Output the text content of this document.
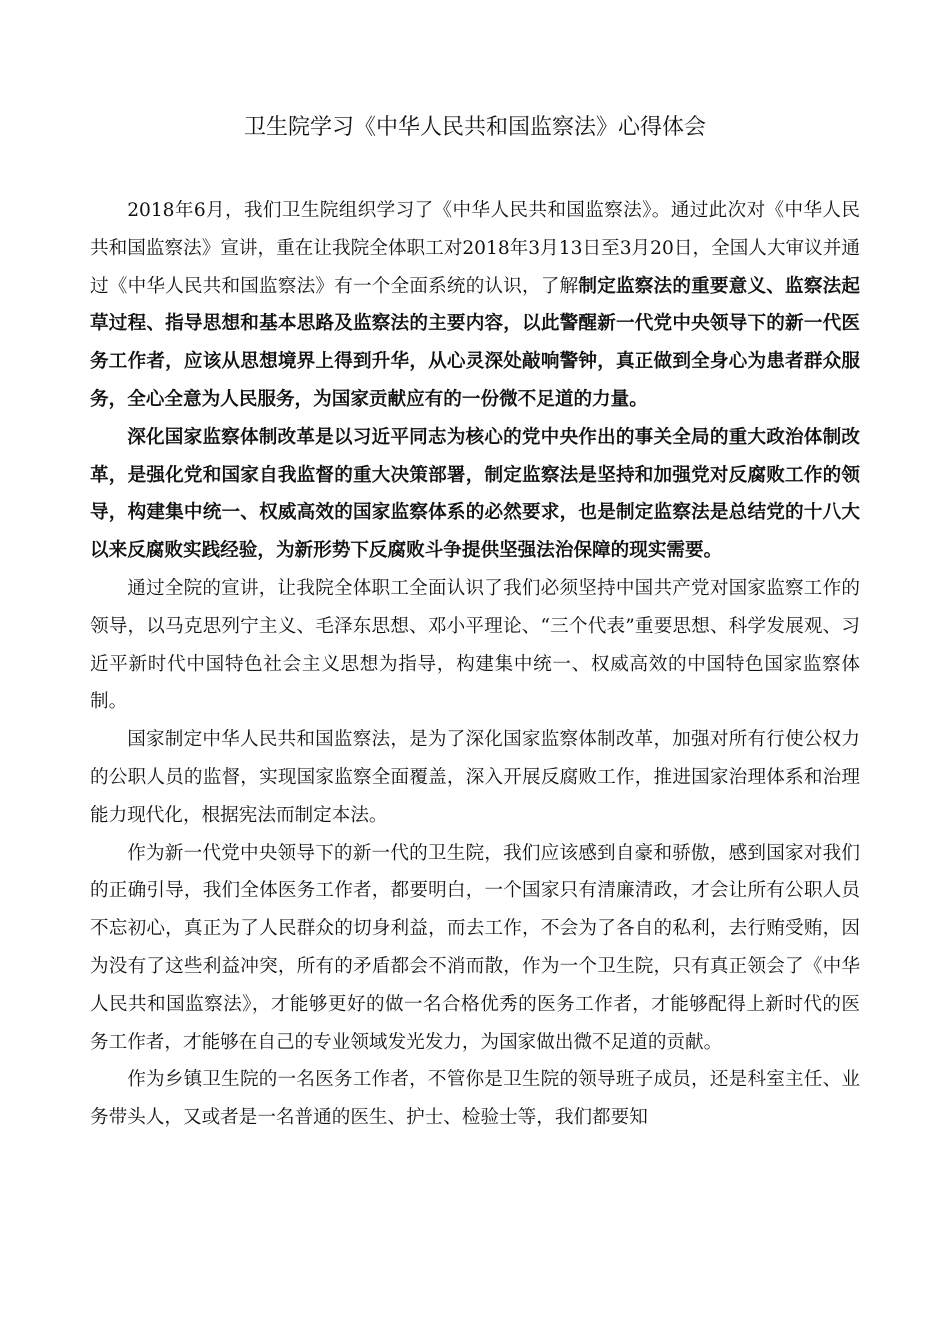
卫生院学习《中华人民共和国监察法》心得体会

2018年6月，我们卫生院组织学习了《中华人民共和国监察法》。通过此次对《中华人民共和国监察法》宣讲，重在让我院全体职工对2018年3月13日至3月20日，全国人大审议并通过《中华人民共和国监察法》有一个全面系统的认识，了解制定监察法的重要意义、监察法起草过程、指导思想和基本思路及监察法的主要内容，以此警醒新一代党中央领导下的新一代医务工作者，应该从思想境界上得到升华，从心灵深处敲响警钟，真正做到全身心为患者群众服务，全心全意为人民服务，为国家贡献应有的一份微不足道的力量。

深化国家监察体制改革是以习近平同志为核心的党中央作出的事关全局的重大政治体制改革，是强化党和国家自我监督的重大决策部署，制定监察法是坚持和加强党对反腐败工作的领导，构建集中统一、权威高效的国家监察体系的必然要求，也是制定监察法是总结党的十八大以来反腐败实践经验，为新形势下反腐败斗争提供坚强法治保障的现实需要。

通过全院的宣讲，让我院全体职工全面认识了我们必须坚持中国共产党对国家监察工作的领导，以马克思列宁主义、毛泽东思想、邓小平理论、“三个代表”重要思想、科学发展观、习近平新时代中国特色社会主义思想为指导，构建集中统一、权威高效的中国特色国家监察体制。

国家制定中华人民共和国监察法，是为了深化国家监察体制改革，加强对所有行使公权力的公职人员的监督，实现国家监察全面覆盖，深入开展反腐败工作，推进国家治理体系和治理能力现代化，根据宪法而制定本法。

作为新一代党中央领导下的新一代的卫生院，我们应该感到自豪和骄傲，感到国家对我们的正确引导，我们全体医务工作者，都要明白，一个国家只有清廉清政，才会让所有公职人员不忘初心，真正为了人民群众的切身利益，而去工作，不会为了各自的私利，去行贿受贿，因为没有了这些利益冲突，所有的矛盾都会不消而散，作为一个卫生院，只有真正领会了《中华人民共和国监察法》，才能够更好的做一名合格优秀的医务工作者，才能够配得上新时代的医务工作者，才能够在自己的专业领域发光发力，为国家做出微不足道的贡献。

作为乡镇卫生院的一名医务工作者，不管你是卫生院的领导班子成员，还是科室主任、业务带头人，又或者是一名普通的医生、护士、检验士等，我们都要知
